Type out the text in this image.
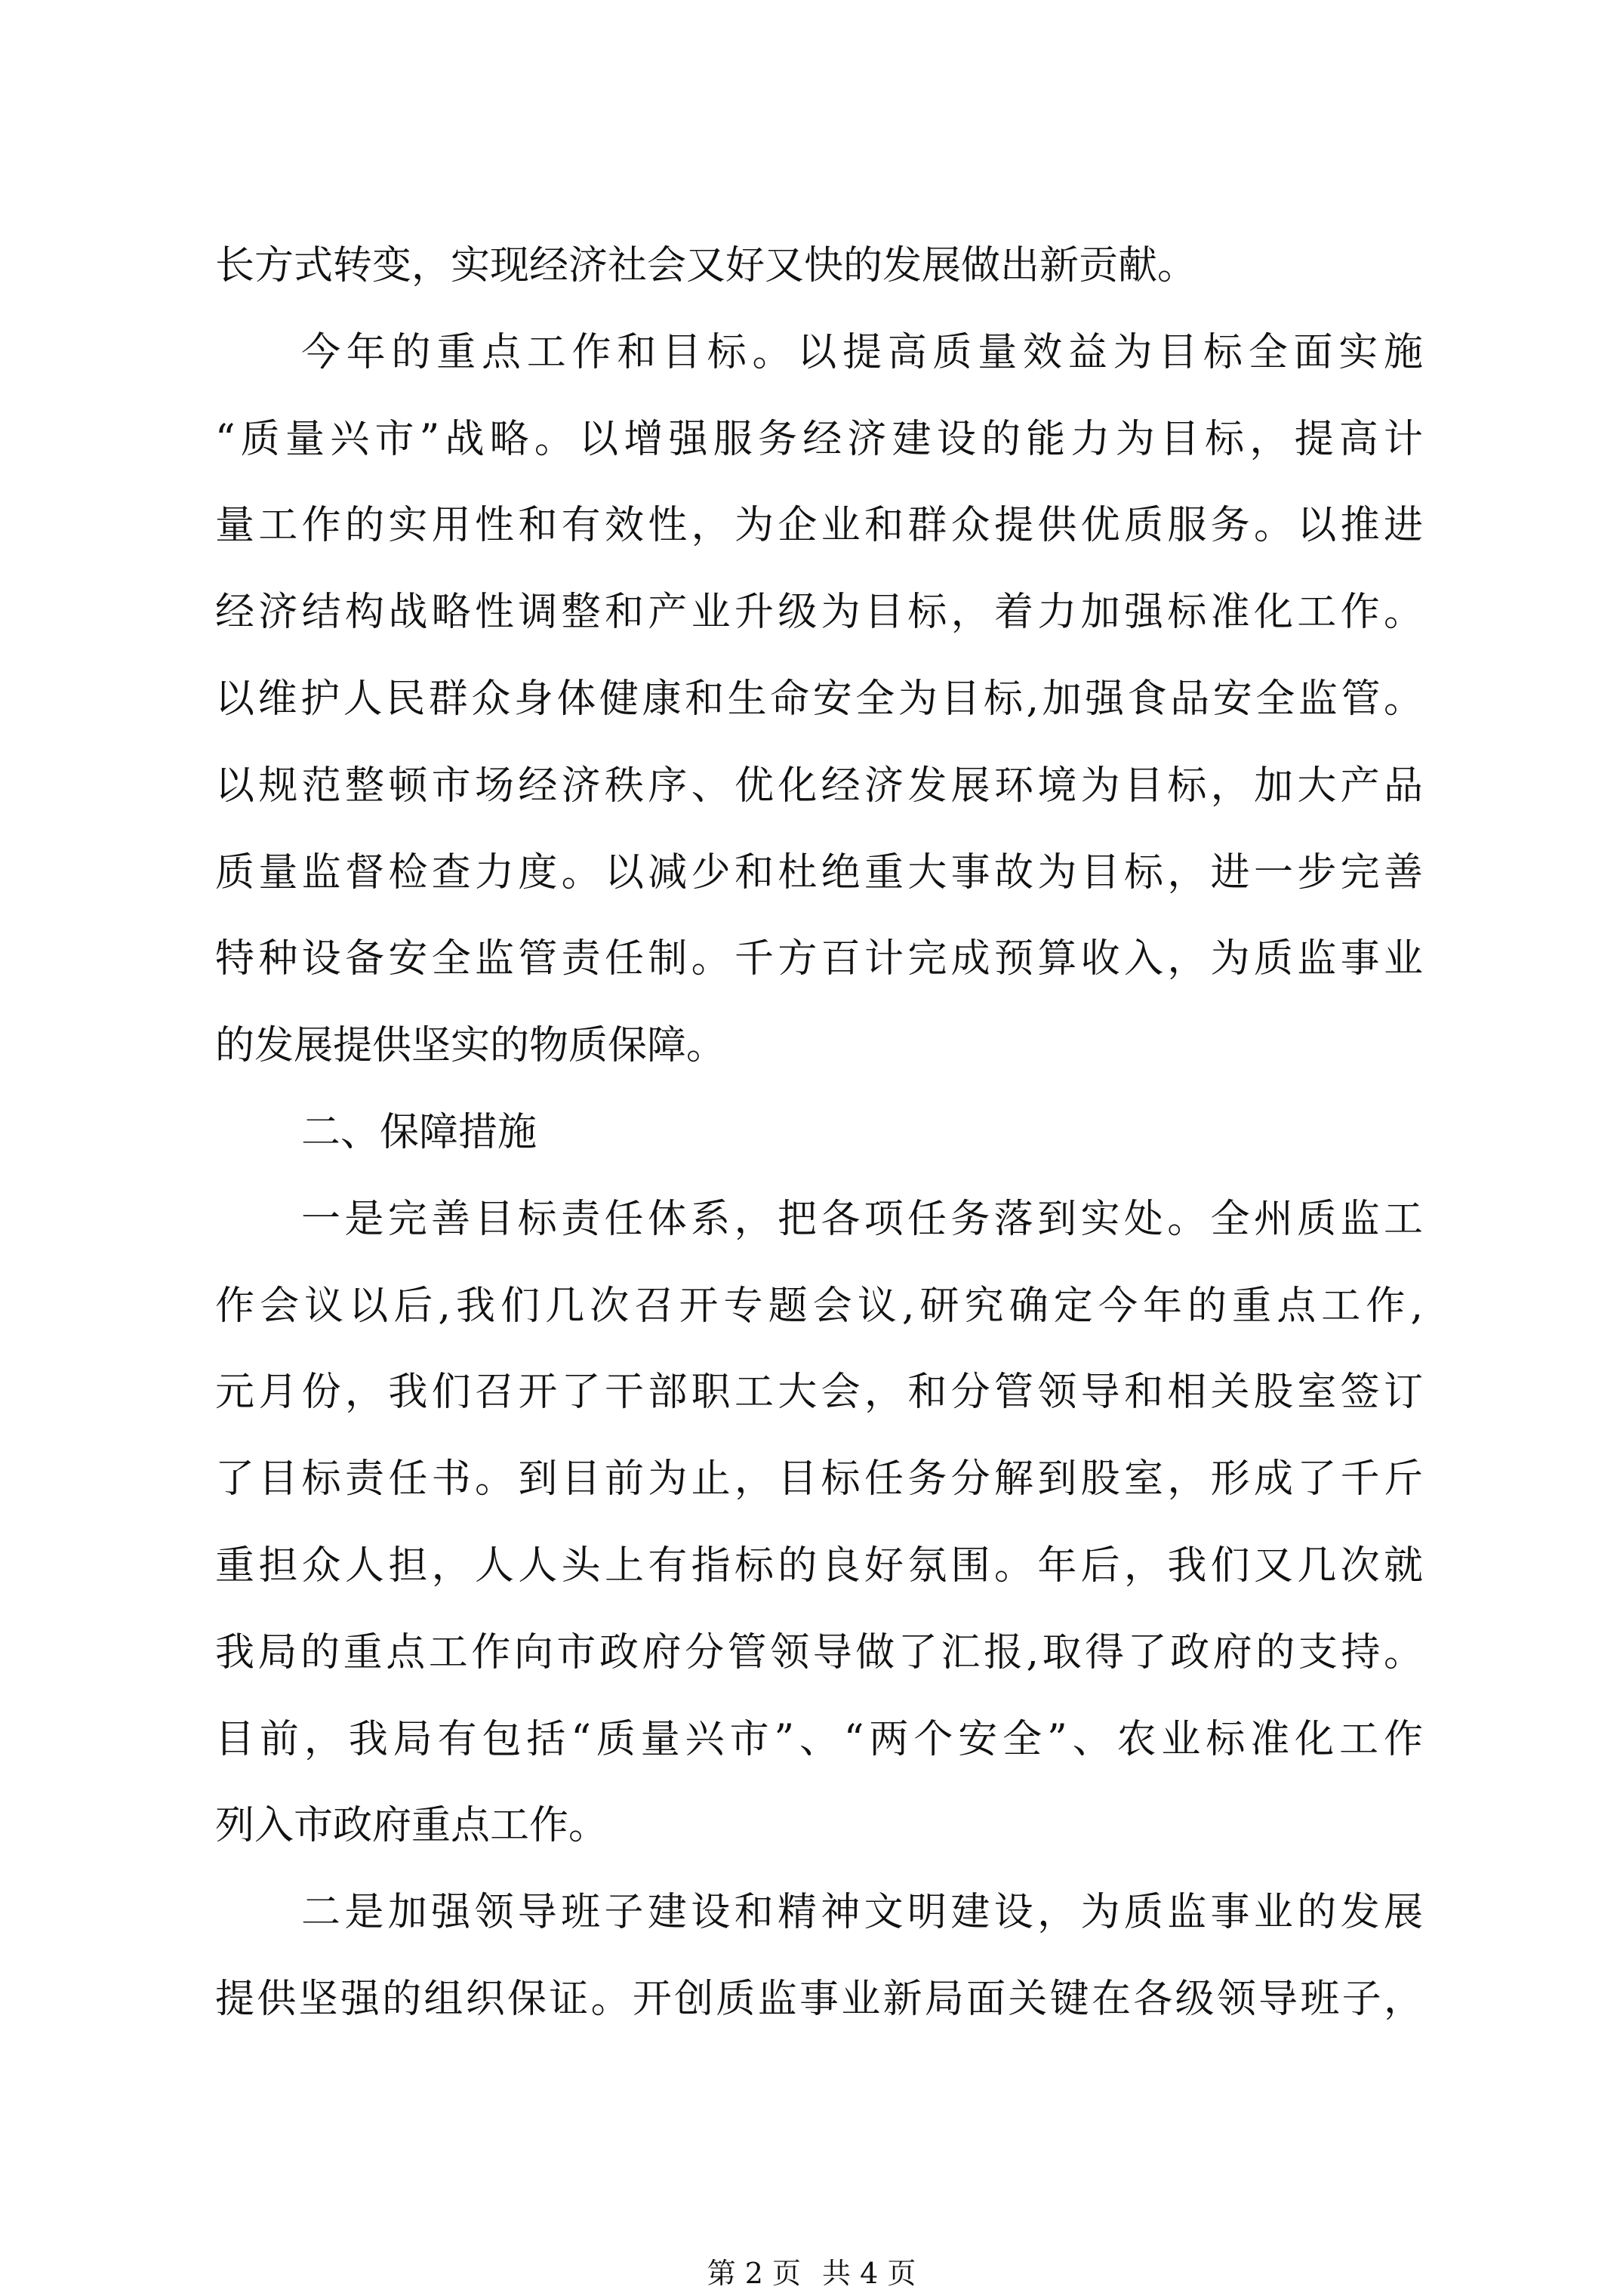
长方式转变，实现经济社会又好又快的发展做出新贡献。
今年的重点工作和目标。以提高质量效益为目标全面实施
“质量兴市”战略。以增强服务经济建设的能力为目标，提高计
量工作的实用性和有效性，为企业和群众提供优质服务。以推进
经济结构战略性调整和产业升级为目标，着力加强标准化工作。
以维护人民群众身体健康和生命安全为目标,加强食品安全监管。
以规范整顿市场经济秩序、优化经济发展环境为目标，加大产品
质量监督检查力度。以减少和杜绝重大事故为目标，进一步完善
特种设备安全监管责任制。千方百计完成预算收入，为质监事业
的发展提供坚实的物质保障。
二、保障措施
一是完善目标责任体系，把各项任务落到实处。全州质监工
作会议以后,我们几次召开专题会议,研究确定今年的重点工作,
元月份，我们召开了干部职工大会，和分管领导和相关股室签订
了目标责任书。到目前为止，目标任务分解到股室，形成了千斤
重担众人担，人人头上有指标的良好氛围。年后，我们又几次就
我局的重点工作向市政府分管领导做了汇报,取得了政府的支持。
目前，我局有包括“质量兴市”、“两个安全”、农业标准化工作
列入市政府重点工作。
二是加强领导班子建设和精神文明建设，为质监事业的发展
提供坚强的组织保证。开创质监事业新局面关键在各级领导班子，
第 2 页 共 4 页
